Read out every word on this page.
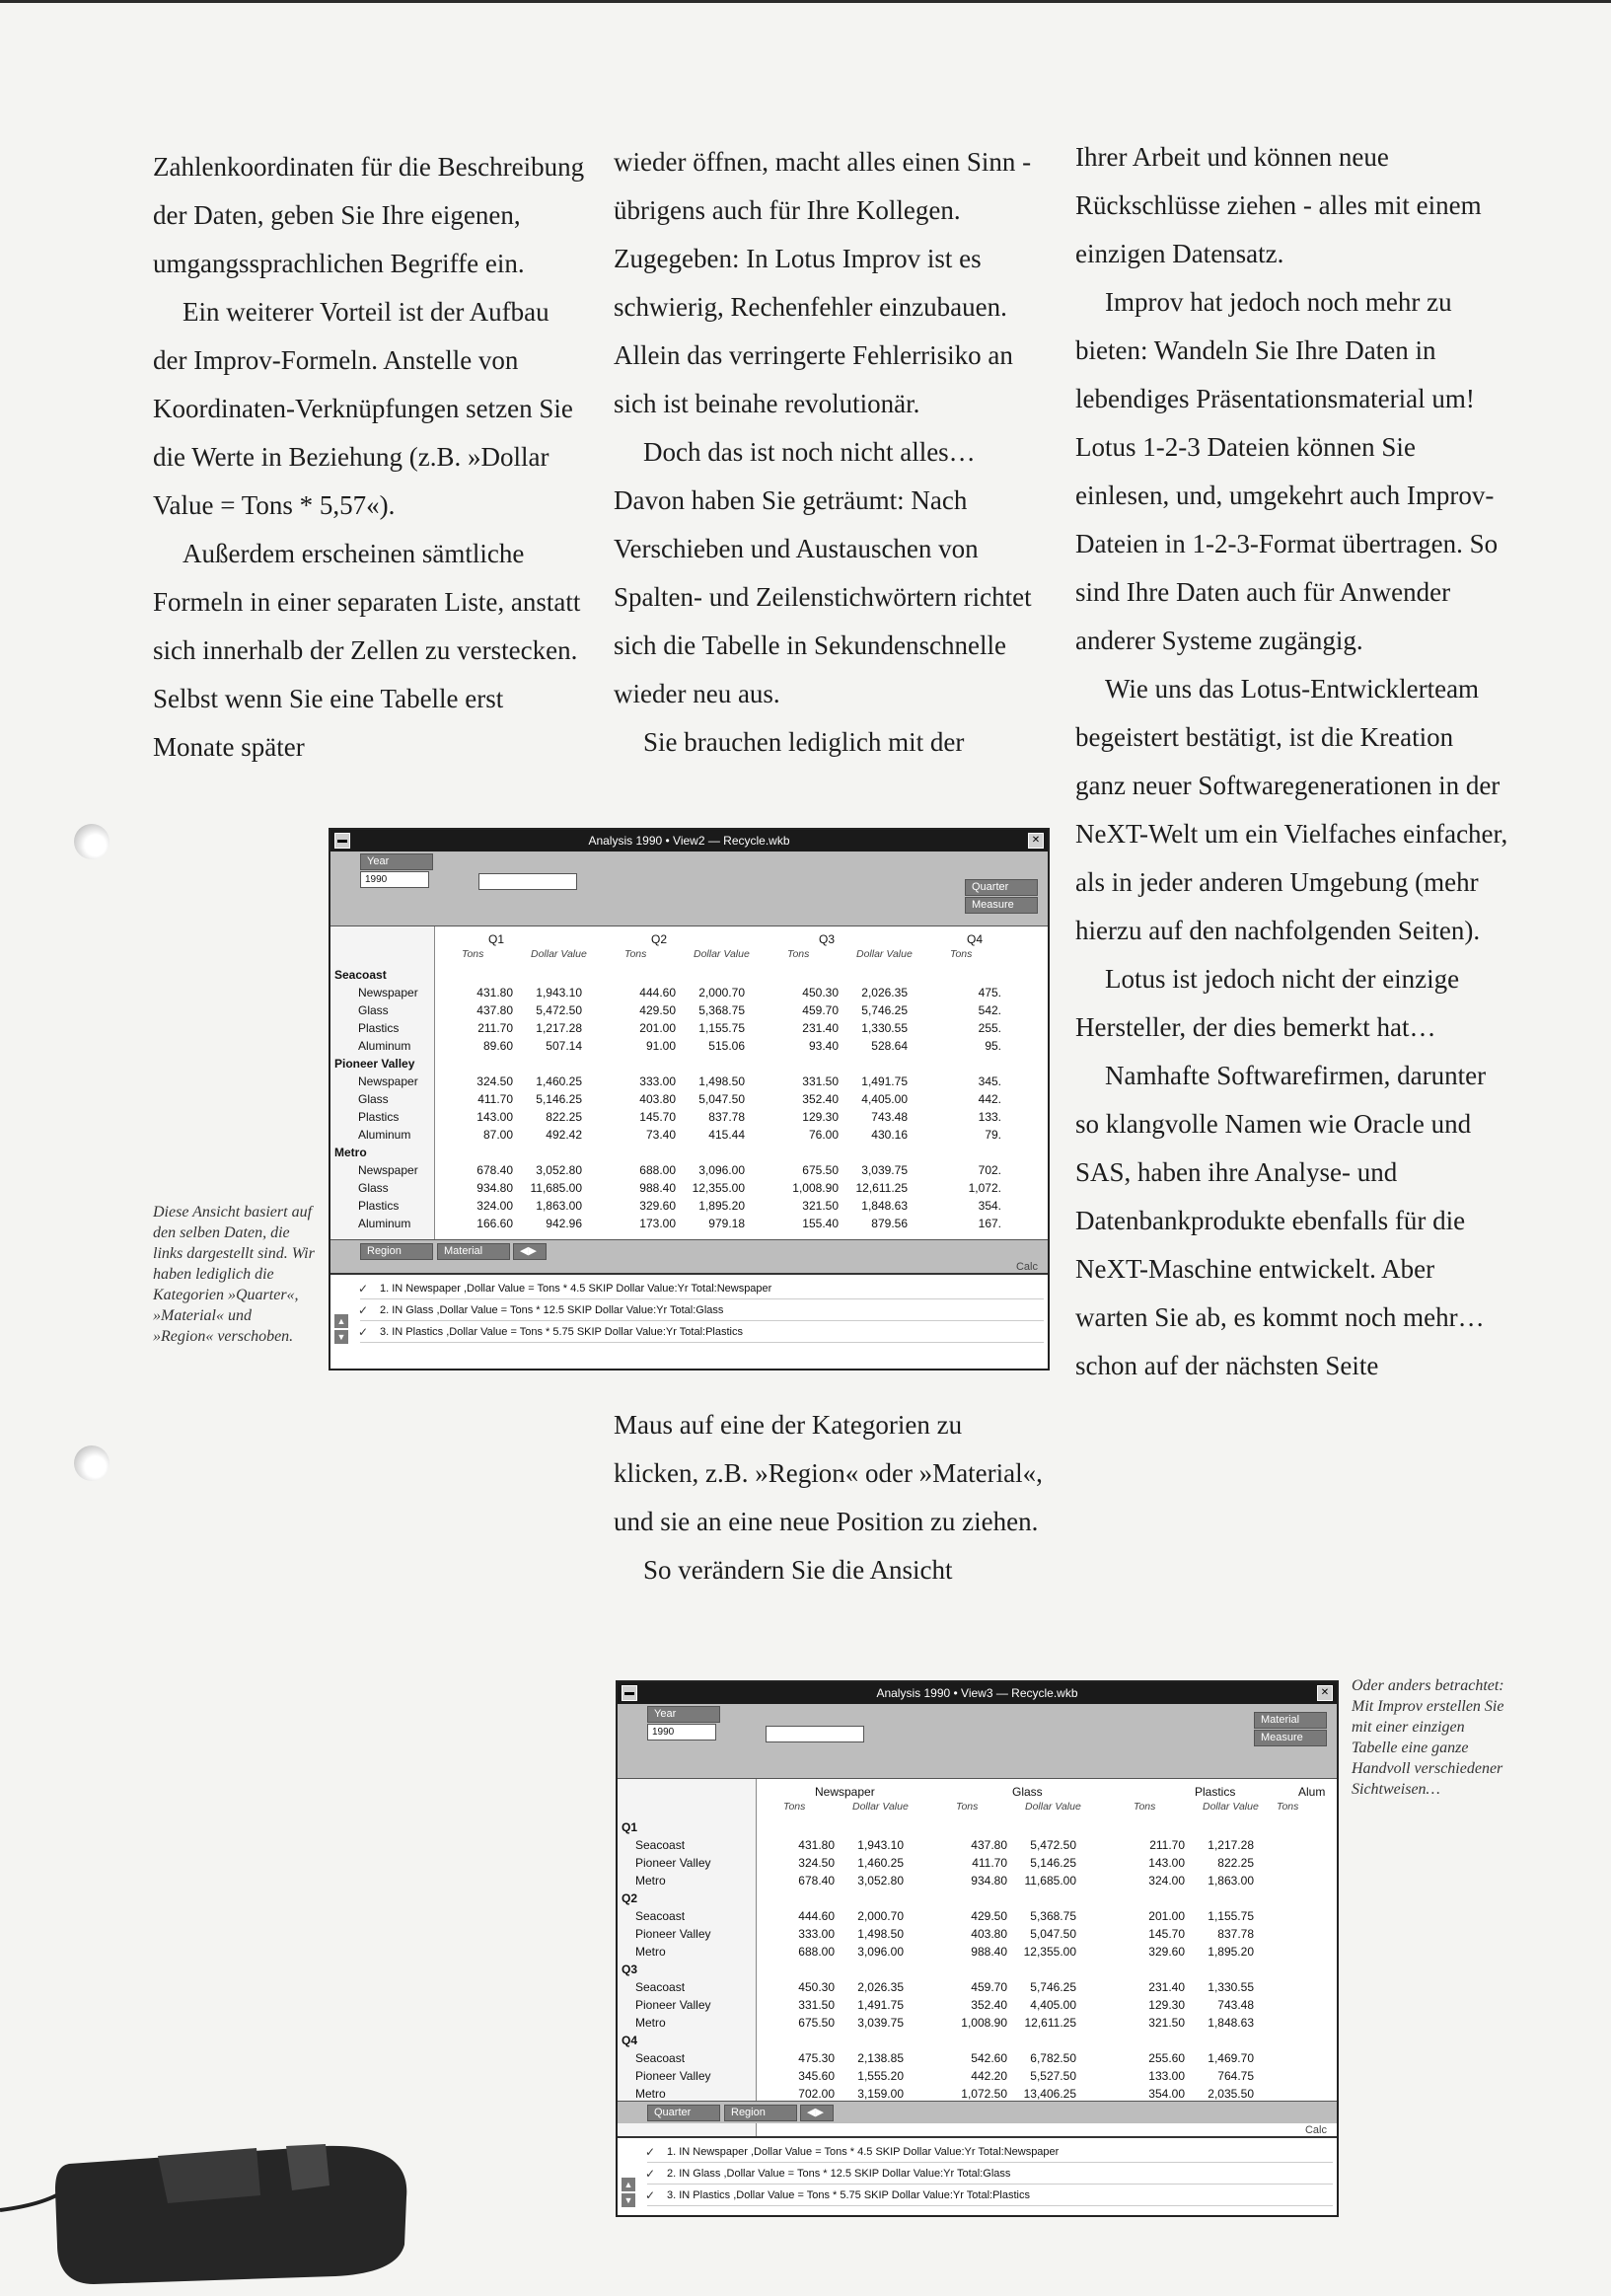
Zahlenkoordinaten für die Beschreibung der Daten, geben Sie Ihre eigenen, umgangssprachlichen Begriffe ein.

Ein weiterer Vorteil ist der Aufbau der Improv-Formeln. Anstelle von Koordinaten-Verknüpfungen setzen Sie die Werte in Beziehung (z.B. »Dollar Value = Tons * 5,57«).

Außerdem erscheinen sämtliche Formeln in einer separaten Liste, anstatt sich innerhalb der Zellen zu verstecken. Selbst wenn Sie eine Tabelle erst Monate später

wieder öffnen, macht alles einen Sinn - übrigens auch für Ihre Kollegen. Zugegeben: In Lotus Improv ist es schwierig, Rechenfehler einzubauen. Allein das verringerte Fehlerrisiko an sich ist beinahe revolutionär.

Doch das ist noch nicht alles… Davon haben Sie geträumt: Nach Verschieben und Austauschen von Spalten- und Zeilenstichwörtern richtet sich die Tabelle in Sekundenschnelle wieder neu aus.

Sie brauchen lediglich mit der

Maus auf eine der Kategorien zu klicken, z.B. »Region« oder »Material«, und sie an eine neue Position zu ziehen.

So verändern Sie die Ansicht

Ihrer Arbeit und können neue Rückschlüsse ziehen - alles mit einem einzigen Datensatz.

Improv hat jedoch noch mehr zu bieten: Wandeln Sie Ihre Daten in lebendiges Präsentationsmaterial um! Lotus 1-2-3 Dateien können Sie einlesen, und, umgekehrt auch Improv-Dateien in 1-2-3-Format übertragen. So sind Ihre Daten auch für Anwender anderer Systeme zugängig.

Wie uns das Lotus-Entwicklerteam begeistert bestätigt, ist die Kreation ganz neuer Softwaregenerationen in der NeXT-Welt um ein Vielfaches einfacher, als in jeder anderen Umgebung (mehr hierzu auf den nachfolgenden Seiten).

Lotus ist jedoch nicht der einzige Hersteller, der dies bemerkt hat…

Namhafte Softwarefirmen, darunter so klangvolle Namen wie Oracle und SAS, haben ihre Analyse- und Datenbankprodukte ebenfalls für die NeXT-Maschine entwickelt. Aber warten Sie ab, es kommt noch mehr… schon auf der nächsten Seite

Diese Ansicht basiert auf den selben Daten, die links dargestellt sind. Wir haben lediglich die Kategorien »Quarter«, »Material« und »Region« verschoben.
Oder anders betrachtet: Mit Improv erstellen Sie mit einer einzigen Tabelle eine ganze Handvoll verschiedener Sichtweisen…
▬	Analysis 1990 • View2 — Recycle.wkb	✕
Year
1990
Quarter
Measure
Q1	Q2	Q3	Q4
Tons	Dollar Value	Tons	Dollar Value	Tons	Dollar Value	Tons
Seacoast
Newspaper	431.80	1,943.10	444.60	2,000.70	450.30	2,026.35	475.
Glass	437.80	5,472.50	429.50	5,368.75	459.70	5,746.25	542.
Plastics	211.70	1,217.28	201.00	1,155.75	231.40	1,330.55	255.
Aluminum	89.60	507.14	91.00	515.06	93.40	528.64	95.
Pioneer Valley
Newspaper	324.50	1,460.25	333.00	1,498.50	331.50	1,491.75	345.
Glass	411.70	5,146.25	403.80	5,047.50	352.40	4,405.00	442.
Plastics	143.00	822.25	145.70	837.78	129.30	743.48	133.
Aluminum	87.00	492.42	73.40	415.44	76.00	430.16	79.
Metro
Newspaper	678.40	3,052.80	688.00	3,096.00	675.50	3,039.75	702.
Glass	934.80	11,685.00	988.40	12,355.00	1,008.90	12,611.25	1,072.
Plastics	324.00	1,863.00	329.60	1,895.20	321.50	1,848.63	354.
Aluminum	166.60	942.96	173.00	979.18	155.40	879.56	167.
Region	Material	◀▶
Calc
▲
▼
✓ 1. IN Newspaper ,Dollar Value = Tons * 4.5 SKIP Dollar Value:Yr Total:Newspaper
✓ 2. IN Glass ,Dollar Value = Tons * 12.5 SKIP Dollar Value:Yr Total:Glass
✓ 3. IN Plastics ,Dollar Value = Tons * 5.75 SKIP Dollar Value:Yr Total:Plastics
▬	Analysis 1990 • View3 — Recycle.wkb	✕
Year
1990
Material
Measure
Newspaper	Glass	Plastics	Alum
Tons	Dollar Value	Tons	Dollar Value	Tons	Dollar Value Tons
Q1
Seacoast	431.80	1,943.10	437.80	5,472.50	211.70	1,217.28
Pioneer Valley	324.50	1,460.25	411.70	5,146.25	143.00	822.25
Metro	678.40	3,052.80	934.80	11,685.00	324.00	1,863.00
Q2
Seacoast	444.60	2,000.70	429.50	5,368.75	201.00	1,155.75
Pioneer Valley	333.00	1,498.50	403.80	5,047.50	145.70	837.78
Metro	688.00	3,096.00	988.40	12,355.00	329.60	1,895.20
Q3
Seacoast	450.30	2,026.35	459.70	5,746.25	231.40	1,330.55
Pioneer Valley	331.50	1,491.75	352.40	4,405.00	129.30	743.48
Metro	675.50	3,039.75	1,008.90	12,611.25	321.50	1,848.63
Q4
Seacoast	475.30	2,138.85	542.60	6,782.50	255.60	1,469.70
Pioneer Valley	345.60	1,555.20	442.20	5,527.50	133.00	764.75
Metro	702.00	3,159.00	1,072.50	13,406.25	354.00	2,035.50
Quarter	Region	◀▶
Calc
▲
▼
✓ 1. IN Newspaper ,Dollar Value = Tons * 4.5 SKIP Dollar Value:Yr Total:Newspaper
✓ 2. IN Glass ,Dollar Value = Tons * 12.5 SKIP Dollar Value:Yr Total:Glass
✓ 3. IN Plastics ,Dollar Value = Tons * 5.75 SKIP Dollar Value:Yr Total:Plastics
